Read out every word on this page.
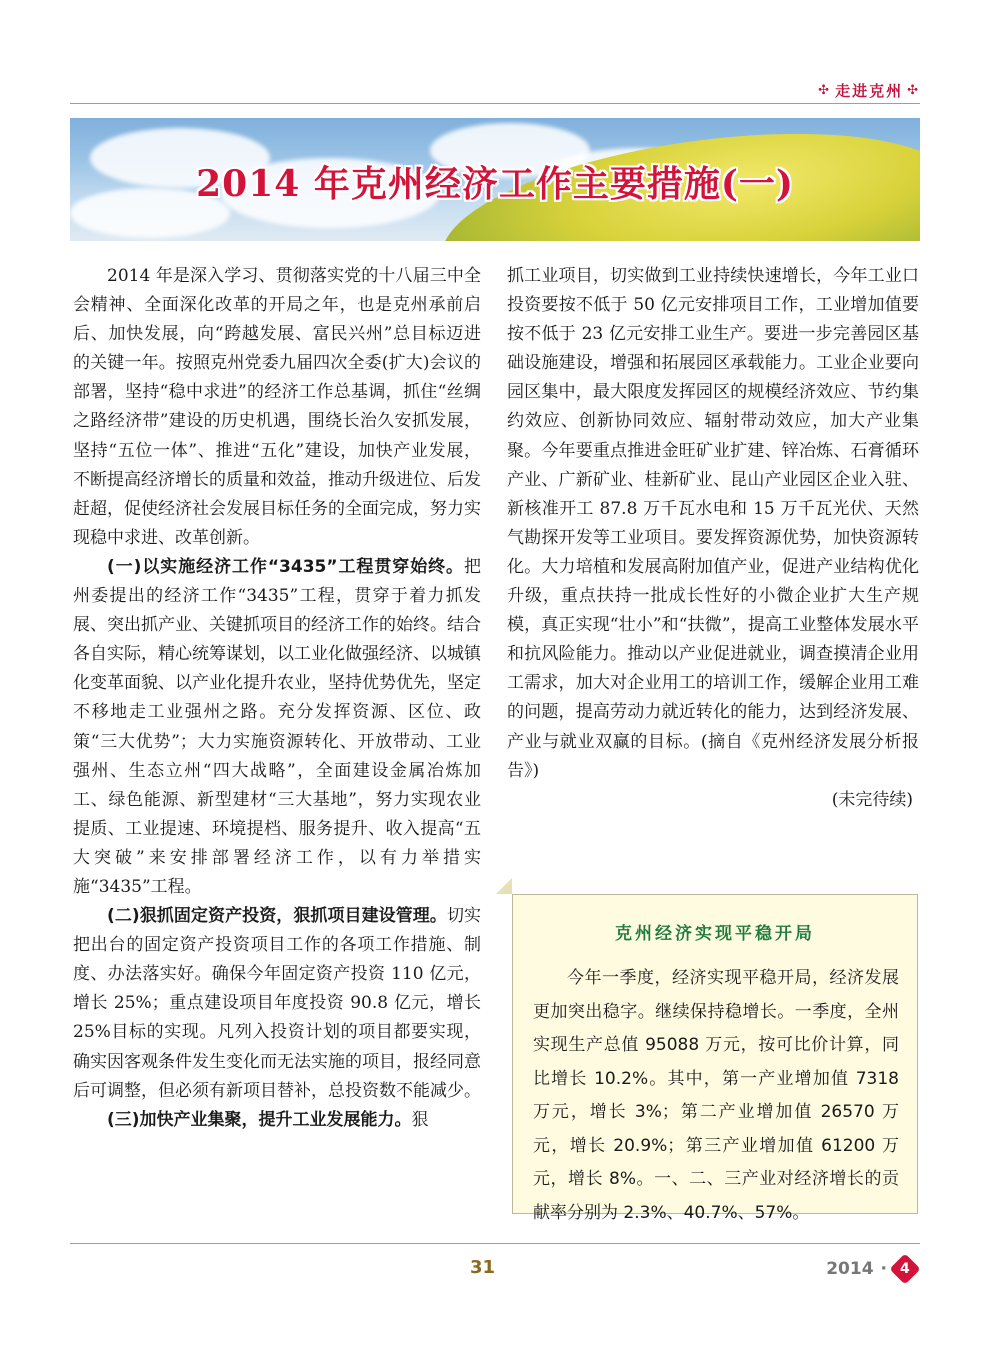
✣ 走进克州 ✣
2014 年克州经济工作主要措施(一)

2014 年是深入学习、贯彻落实党的十八届三中全会精神、全面深化改革的开局之年，也是克州承前启后、加快发展，向“跨越发展、富民兴州”总目标迈进的关键一年。按照克州党委九届四次全委(扩大)会议的部署，坚持“稳中求进”的经济工作总基调，抓住“丝绸之路经济带”建设的历史机遇，围绕长治久安抓发展，坚持“五位一体”、推进“五化”建设，加快产业发展，不断提高经济增长的质量和效益，推动升级进位、后发赶超，促使经济社会发展目标任务的全面完成，努力实现稳中求进、改革创新。

(一)以实施经济工作“3435”工程贯穿始终。把州委提出的经济工作“3435”工程，贯穿于着力抓发展、突出抓产业、关键抓项目的经济工作的始终。结合各自实际，精心统筹谋划，以工业化做强经济、以城镇化变革面貌、以产业化提升农业，坚持优势优先，坚定不移地走工业强州之路。充分发挥资源、区位、政策“三大优势”；大力实施资源转化、开放带动、工业强州、生态立州“四大战略”，全面建设金属冶炼加工、绿色能源、新型建材“三大基地”，努力实现农业提质、工业提速、环境提档、服务提升、收入提高“五大突破”来安排部署经济工作，以有力举措实施“3435”工程。

(二)狠抓固定资产投资，狠抓项目建设管理。切实把出台的固定资产投资项目工作的各项工作措施、制度、办法落实好。确保今年固定资产投资 110 亿元，增长 25%；重点建设项目年度投资 90.8 亿元，增长 25%目标的实现。凡列入投资计划的项目都要实现，确实因客观条件发生变化而无法实施的项目，报经同意后可调整，但必须有新项目替补，总投资数不能减少。

(三)加快产业集聚，提升工业发展能力。狠

抓工业项目，切实做到工业持续快速增长，今年工业口投资要按不低于 50 亿元安排项目工作，工业增加值要按不低于 23 亿元安排工业生产。要进一步完善园区基础设施建设，增强和拓展园区承载能力。工业企业要向园区集中，最大限度发挥园区的规模经济效应、节约集约效应、创新协同效应、辐射带动效应，加大产业集聚。今年要重点推进金旺矿业扩建、锌冶炼、石膏循环产业、广新矿业、桂新矿业、昆山产业园区企业入驻、新核准开工 87.8 万千瓦水电和 15 万千瓦光伏、天然气勘探开发等工业项目。要发挥资源优势，加快资源转化。大力培植和发展高附加值产业，促进产业结构优化升级，重点扶持一批成长性好的小微企业扩大生产规模，真正实现“壮小”和“扶微”，提高工业整体发展水平和抗风险能力。推动以产业促进就业，调查摸清企业用工需求，加大对企业用工的培训工作，缓解企业用工难的问题，提高劳动力就近转化的能力，达到经济发展、产业与就业双赢的目标。(摘自《克州经济发展分析报告》)

(未完待续)

克州经济实现平稳开局
今年一季度，经济实现平稳开局，经济发展更加突出稳字。继续保持稳增长。一季度，全州实现生产总值 95088 万元，按可比价计算，同比增长 10.2%。其中，第一产业增加值 7318 万元，增长 3%；第二产业增加值 26570 万元，增长 20.9%；第三产业增加值 61200 万元，增长 8%。一、二、三产业对经济增长的贡献率分别为 2.3%、40.7%、57%。
31	2014 · 4
